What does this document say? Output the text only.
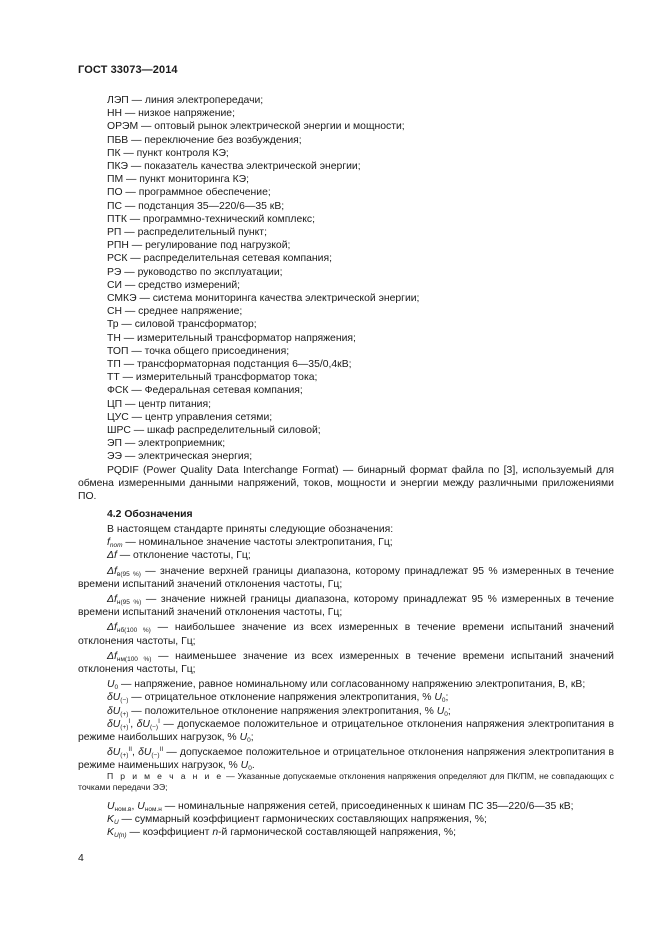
ГОСТ 33073—2014
ЛЭП — линия электропередачи;
НН — низкое напряжение;
ОРЭМ — оптовый рынок электрической энергии и мощности;
ПБВ — переключение без возбуждения;
ПК — пункт контроля КЭ;
ПКЭ — показатель качества электрической энергии;
ПМ — пункт мониторинга КЭ;
ПО — программное обеспечение;
ПС — подстанция 35—220/6—35 кВ;
ПТК — программно-технический комплекс;
РП — распределительный пункт;
РПН — регулирование под нагрузкой;
РСК — распределительная сетевая компания;
РЭ — руководство по эксплуатации;
СИ — средство измерений;
СМКЭ — система мониторинга качества электрической энергии;
СН — среднее напряжение;
Тр — силовой трансформатор;
ТН — измерительный трансформатор напряжения;
ТОП — точка общего присоединения;
ТП — трансформаторная подстанция 6—35/0,4кВ;
ТТ — измерительный трансформатор тока;
ФСК — Федеральная сетевая компания;
ЦП — центр питания;
ЦУС — центр управления сетями;
ШРС — шкаф распределительный силовой;
ЭП — электроприемник;
ЭЭ — электрическая энергия;
PQDIF (Power Quality Data Interchange Format) — бинарный формат файла по [3], используемый для обмена измеренными данными напряжений, токов, мощности и энергии между различными приложениями ПО.
4.2 Обозначения
В настоящем стандарте приняты следующие обозначения:
$f_{nom}$ — номинальное значение частоты электропитания, Гц;
Δf — отклонение частоты, Гц;
$\Delta f_{в(95 \%)}$ — значение верхней границы диапазона, которому принадлежат 95 % измеренных в течение времени испытаний значений отклонения частоты, Гц;
$\Delta f_{н(95 \%)}$ — значение нижней границы диапазона, которому принадлежат 95 % измеренных в течение времени испытаний значений отклонения частоты, Гц;
$\Delta f_{нб(100 \%)}$ — наибольшее значение из всех измеренных в течение времени испытаний значений отклонения частоты, Гц;
$\Delta f_{нм(100 \%)}$ — наименьшее значение из всех измеренных в течение времени испытаний значений отклонения частоты, Гц;
$U_0$ — напряжение, равное номинальному или согласованному напряжению электропитания, В, кВ;
$\delta U_{(-)}$ — отрицательное отклонение напряжения электропитания, % $U_0$;
$\delta U_{(+)}$ — положительное отклонение напряжения электропитания, % $U_0$;
$\delta U_{(+)}^I$, $\delta U_{(-)}^I$ — допускаемое положительное и отрицательное отклонения напряжения электропитания в режиме наибольших нагрузок, % $U_0$;
$\delta U_{(+)}^{II}$, $\delta U_{(-)}^{II}$ — допускаемое положительное и отрицательное отклонения напряжения электропитания в режиме наименьших нагрузок, % $U_0$.
П р и м е ч а н и е — Указанные допускаемые отклонения напряжения определяют для ПК/ПМ, не совпадающих с точками передачи ЭЭ;
$U_{ном.в}$, $U_{ном.н}$ — номинальные напряжения сетей, присоединенных к шинам ПС 35—220/6—35 кВ;
$K_U$ — суммарный коэффициент гармонических составляющих напряжения, %;
$K_{U(n)}$ — коэффициент n-й гармонической составляющей напряжения, %;
4
